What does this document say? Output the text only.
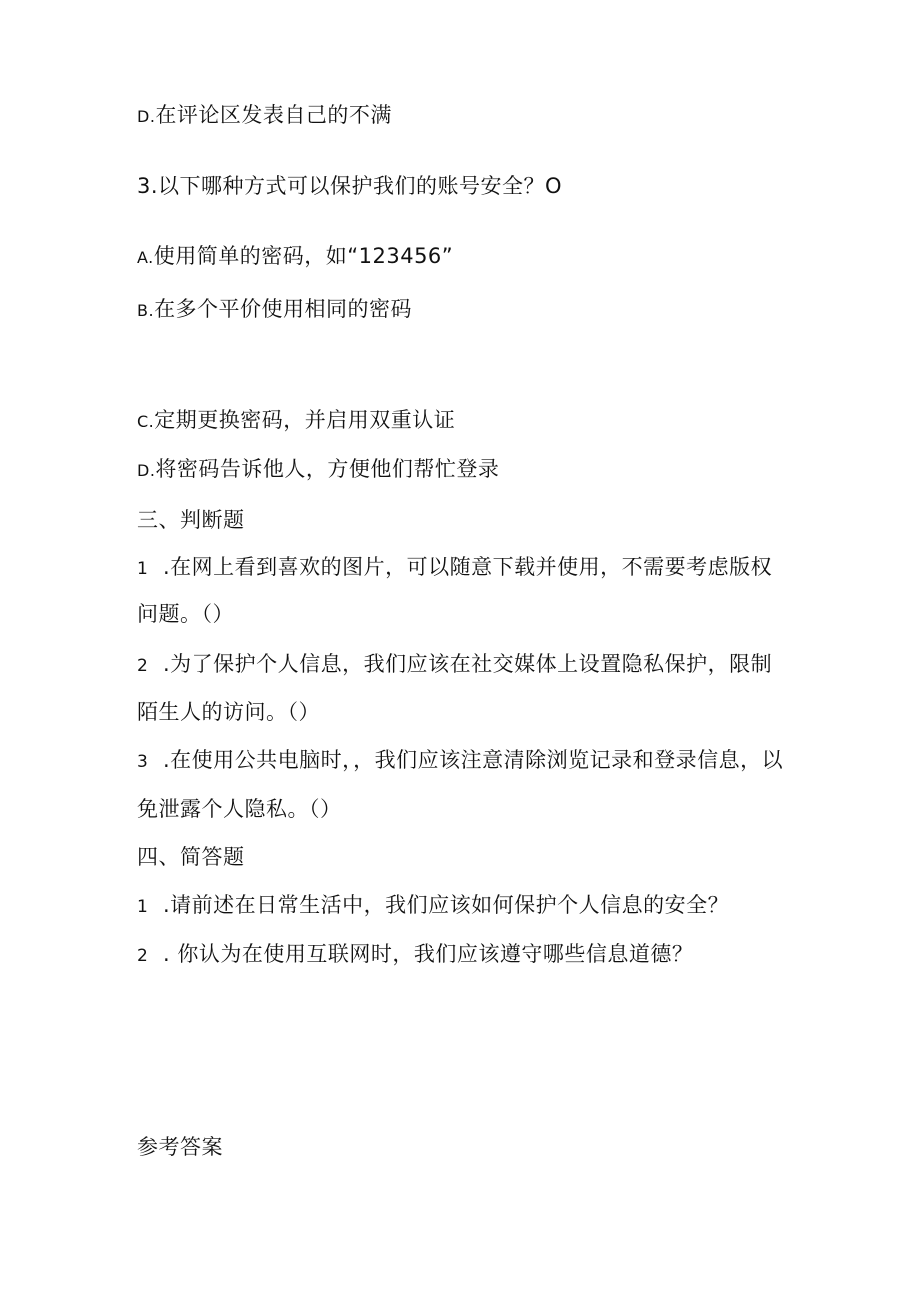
D.在评论区发表自己的不满
3.以下哪种方式可以保护我们的账号安全？O
A.使用简单的密码，如“123456”
B.在多个平价使用相同的密码
C.定期更换密码，并启用双重认证
D.将密码告诉他人，方便他们帮忙登录
三、判断题
1 .在网上看到喜欢的图片，可以随意下载并使用，不需要考虑版权
问题。（）
2 .为了保护个人信息，我们应该在社交媒体上设置隐私保护，限制
陌生人的访问。（）
3 .在使用公共电脑时，，我们应该注意清除浏览记录和登录信息，以
免泄露个人隐私。（）
四、简答题
1 .请前述在日常生活中，我们应该如何保护个人信息的安全？
2 . 你认为在使用互联网时，我们应该遵守哪些信息道德？
参考答案
